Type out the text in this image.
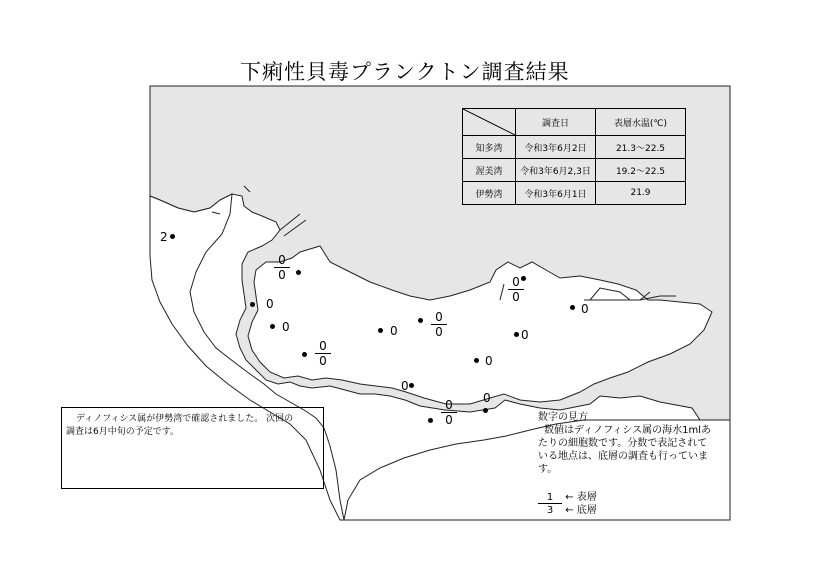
下痢性貝毒プランクトン調査結果
	調査日	表層水温(℃)
知多湾	令和3年6月2日	21.3～22.5
渥美湾	令和3年6月2,3日	19.2～22.5
伊勢湾	令和3年6月1日	21.9
2
$\frac{0}{0}$
0
0
$\frac{0}{0}$
0	$\frac{0}{0}$
0
0
0
$\frac{0}{0}$
0
$\frac{0}{0}$
0
ディノフィシス属が伊勢湾で確認されました。 次回の
調査は6月中旬の予定です。
数字の見方
数値はディノフィシス属の海水1mlあ
たりの細胞数です。分数で表記されて
いる地点は、底層の調査も行っていま
す。
1 ← 表層
3 ← 底層
